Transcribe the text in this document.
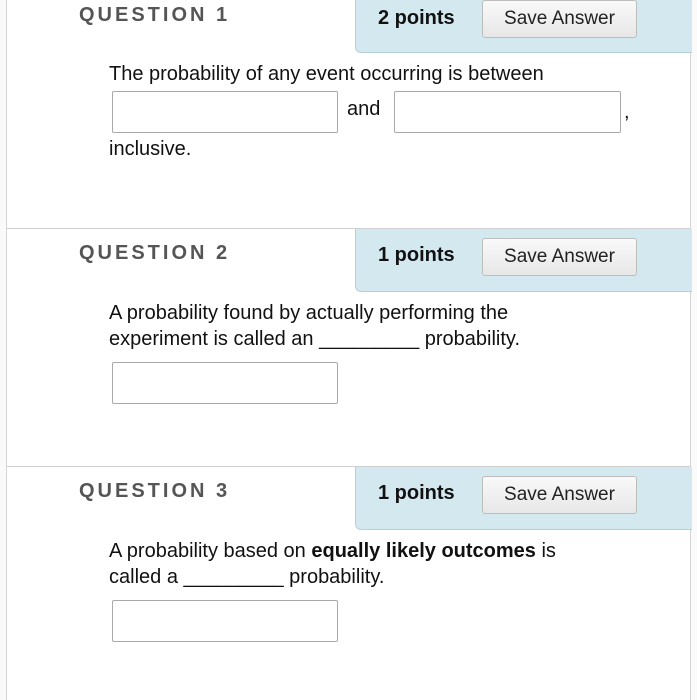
QUESTION 1	2 points	Save Answer
The probability of any event occurring is between
and	,
inclusive.
QUESTION 2	1 points	Save Answer
A probability found by actually performing the
experiment is called an _________ probability.
QUESTION 3	1 points	Save Answer
A probability based on equally likely outcomes is
called a _________ probability.
